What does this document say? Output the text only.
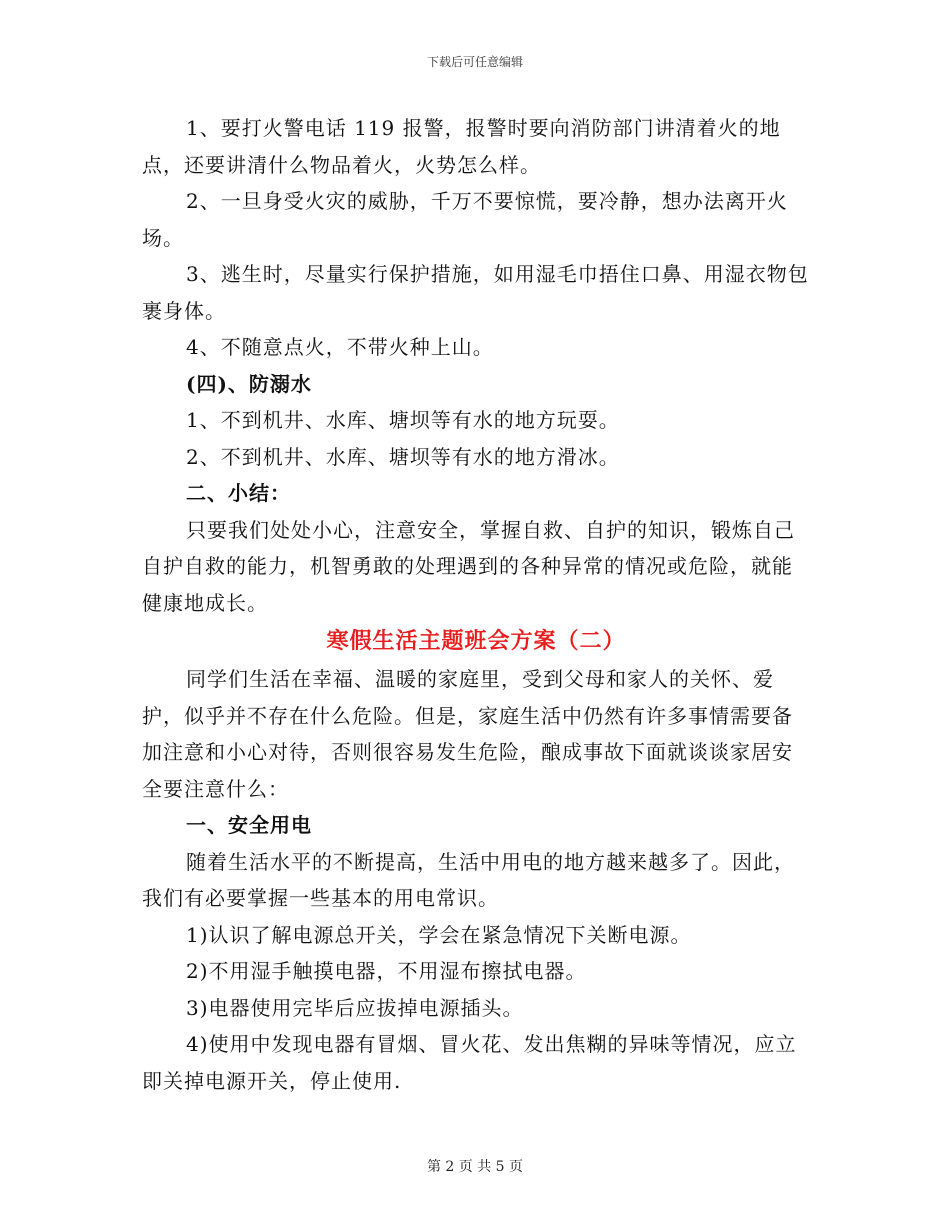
下载后可任意编辑

1、要打火警电话 119 报警，报警时要向消防部门讲清着火的地点，还要讲清什么物品着火，火势怎么样。

2、一旦身受火灾的威胁，千万不要惊慌，要冷静，想办法离开火场。

3、逃生时，尽量实行保护措施，如用湿毛巾捂住口鼻、用湿衣物包裹身体。

4、不随意点火，不带火种上山。

(四)、防溺水

1、不到机井、水库、塘坝等有水的地方玩耍。

2、不到机井、水库、塘坝等有水的地方滑冰。

二、小结：

只要我们处处小心，注意安全，掌握自救、自护的知识，锻炼自己自护自救的能力，机智勇敢的处理遇到的各种异常的情况或危险，就能健康地成长。

寒假生活主题班会方案（二）

同学们生活在幸福、温暖的家庭里，受到父母和家人的关怀、爱护，似乎并不存在什么危险。但是，家庭生活中仍然有许多事情需要备加注意和小心对待，否则很容易发生危险，酿成事故下面就谈谈家居安全要注意什么：

一、安全用电

随着生活水平的不断提高，生活中用电的地方越来越多了。因此，我们有必要掌握一些基本的用电常识。

1)认识了解电源总开关，学会在紧急情况下关断电源。

2)不用湿手触摸电器，不用湿布擦拭电器。

3)电器使用完毕后应拔掉电源插头。

4)使用中发现电器有冒烟、冒火花、发出焦糊的异味等情况，应立即关掉电源开关，停止使用.

第 2 页 共 5 页
